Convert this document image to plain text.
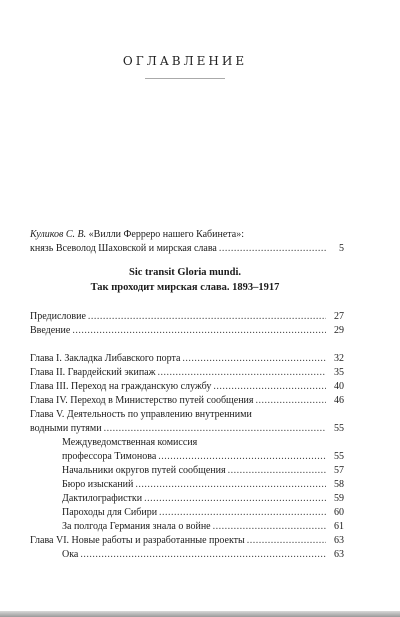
ОГЛАВЛЕНИЕ
Куликов С. В. «Вилли Ферреро нашего Кабинета»:
князь Всеволод Шаховской и мирская слава . . .	5
Sic transit Gloria mundi.
Так проходит мирская слава. 1893–1917
Предисловие . . .	27
Введение . . .	29
Глава I. Закладка Либавского порта . . .	32
Глава II. Гвардейский экипаж . . .	35
Глава III. Переход на гражданскую службу . . .	40
Глава IV. Переход в Министерство путей сообщения . . .	46
Глава V. Деятельность по управлению внутренними
водными путями . . .	55
Междуведомственная комиссия
профессора Тимонова . . .	55
Начальники округов путей сообщения . . .	57
Бюро изысканий . . .	58
Дактилографистки . . .	59
Пароходы для Сибири . . .	60
За полгода Германия знала о войне . . .	61
Глава VI. Новые работы и разработанные проекты . . .	63
Ока . . .	63
